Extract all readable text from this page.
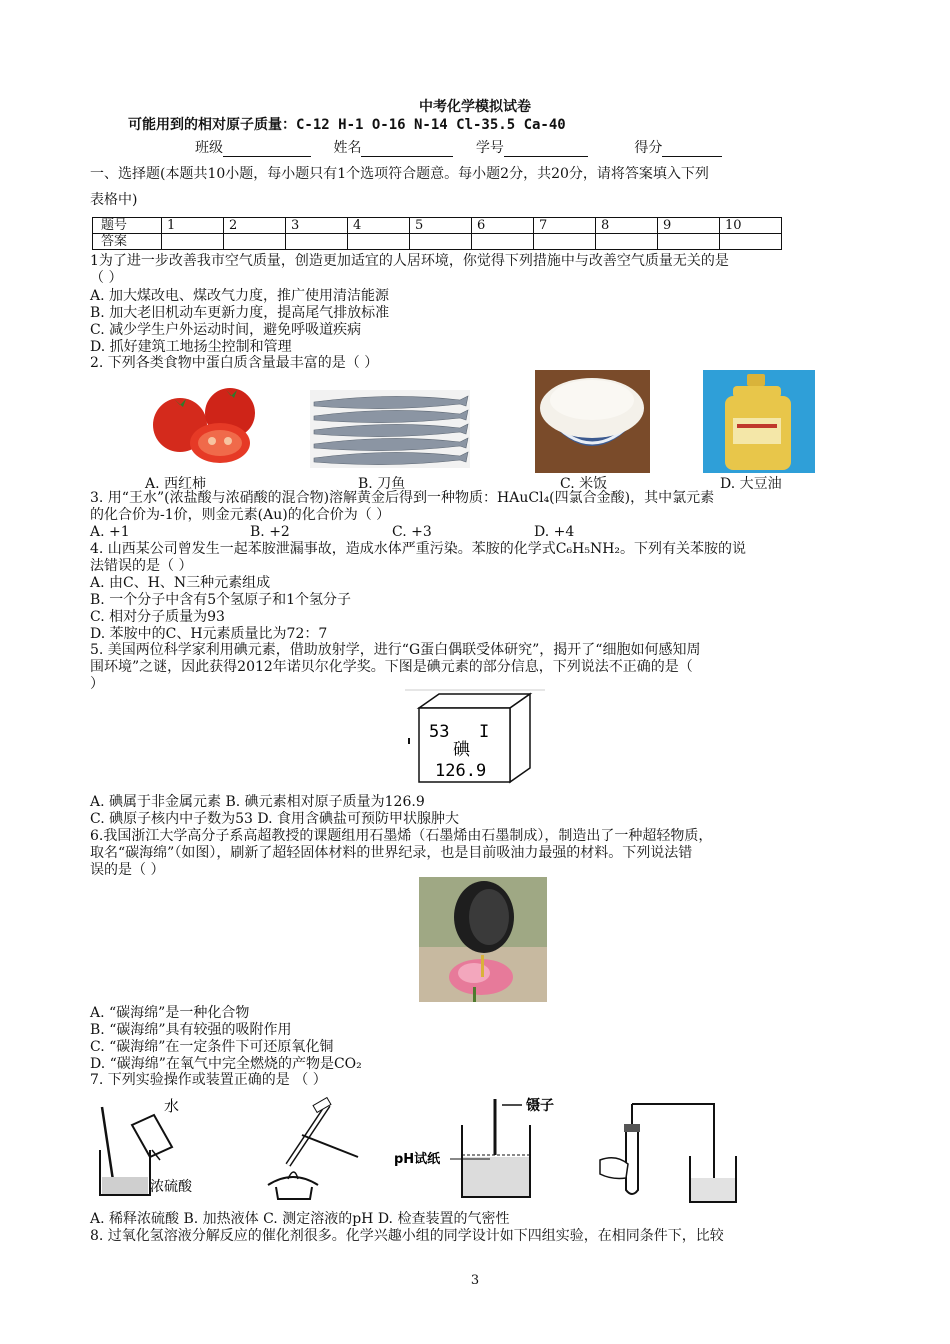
中考化学模拟试卷
可能用到的相对原子质量：C-12 H-1 O-16 N-14 Cl-35.5 Ca-40
班级	姓名	学号	得分
一、选择题(本题共10小题，每小题只有1个选项符合题意。每小题2分，共20分，请将答案填入下列
表格中)
题号	1	2	3	4	5	6	7	8	9	10
答案										
1为了进一步改善我市空气质量，创造更加适宜的人居环境，你觉得下列措施中与改善空气质量无关的是
（ ）
A. 加大煤改电、煤改气力度，推广使用清洁能源
B. 加大老旧机动车更新力度，提高尾气排放标准
C. 减少学生户外运动时间，避免呼吸道疾病
D. 抓好建筑工地扬尘控制和管理
2. 下列各类食物中蛋白质含量最丰富的是（ ）
A. 西红柿	B. 刀鱼	C. 米饭	D. 大豆油
3. 用“王水”(浓盐酸与浓硝酸的混合物)溶解黄金后得到一种物质：HAuCl₄(四氯合金酸)，其中氯元素
的化合价为-1价，则金元素(Au)的化合价为（ ）
A. +1	B. +2	C. +3	D. +4
4. 山西某公司曾发生一起苯胺泄漏事故，造成水体严重污染。苯胺的化学式C₆H₅NH₂。下列有关苯胺的说
法错误的是（ ）
A. 由C、H、N三种元素组成
B. 一个分子中含有5个氢原子和1个氢分子
C. 相对分子质量为93
D. 苯胺中的C、H元素质量比为72：7
5. 美国两位科学家利用碘元素，借助放射学，进行“G蛋白偶联受体研究”，揭开了“细胞如何感知周
围环境”之谜，因此获得2012年诺贝尔化学奖。下图是碘元素的部分信息，下列说法不正确的是（
）
53 I
碘
126.9
A. 碘属于非金属元素 B. 碘元素相对原子质量为126.9
C. 碘原子核内中子数为53 D. 食用含碘盐可预防甲状腺肿大
6.我国浙江大学高分子系高超教授的课题组用石墨烯（石墨烯由石墨制成），制造出了一种超轻物质，
取名“碳海绵”（如图），刷新了超轻固体材料的世界纪录，也是目前吸油力最强的材料。下列说法错
误的是（ ）
A. “碳海绵”是一种化合物
B. “碳海绵”具有较强的吸附作用
C. “碳海绵”在一定条件下可还原氧化铜
D. “碳海绵”在氧气中完全燃烧的产物是CO₂
7. 下列实验操作或装置正确的是 （ ）
水
浓硫酸
镊子
pH试纸
A. 稀释浓硫酸 B. 加热液体 C. 测定溶液的pH D. 检查装置的气密性
8. 过氧化氢溶液分解反应的催化剂很多。化学兴趣小组的同学设计如下四组实验，在相同条件下，比较
3
